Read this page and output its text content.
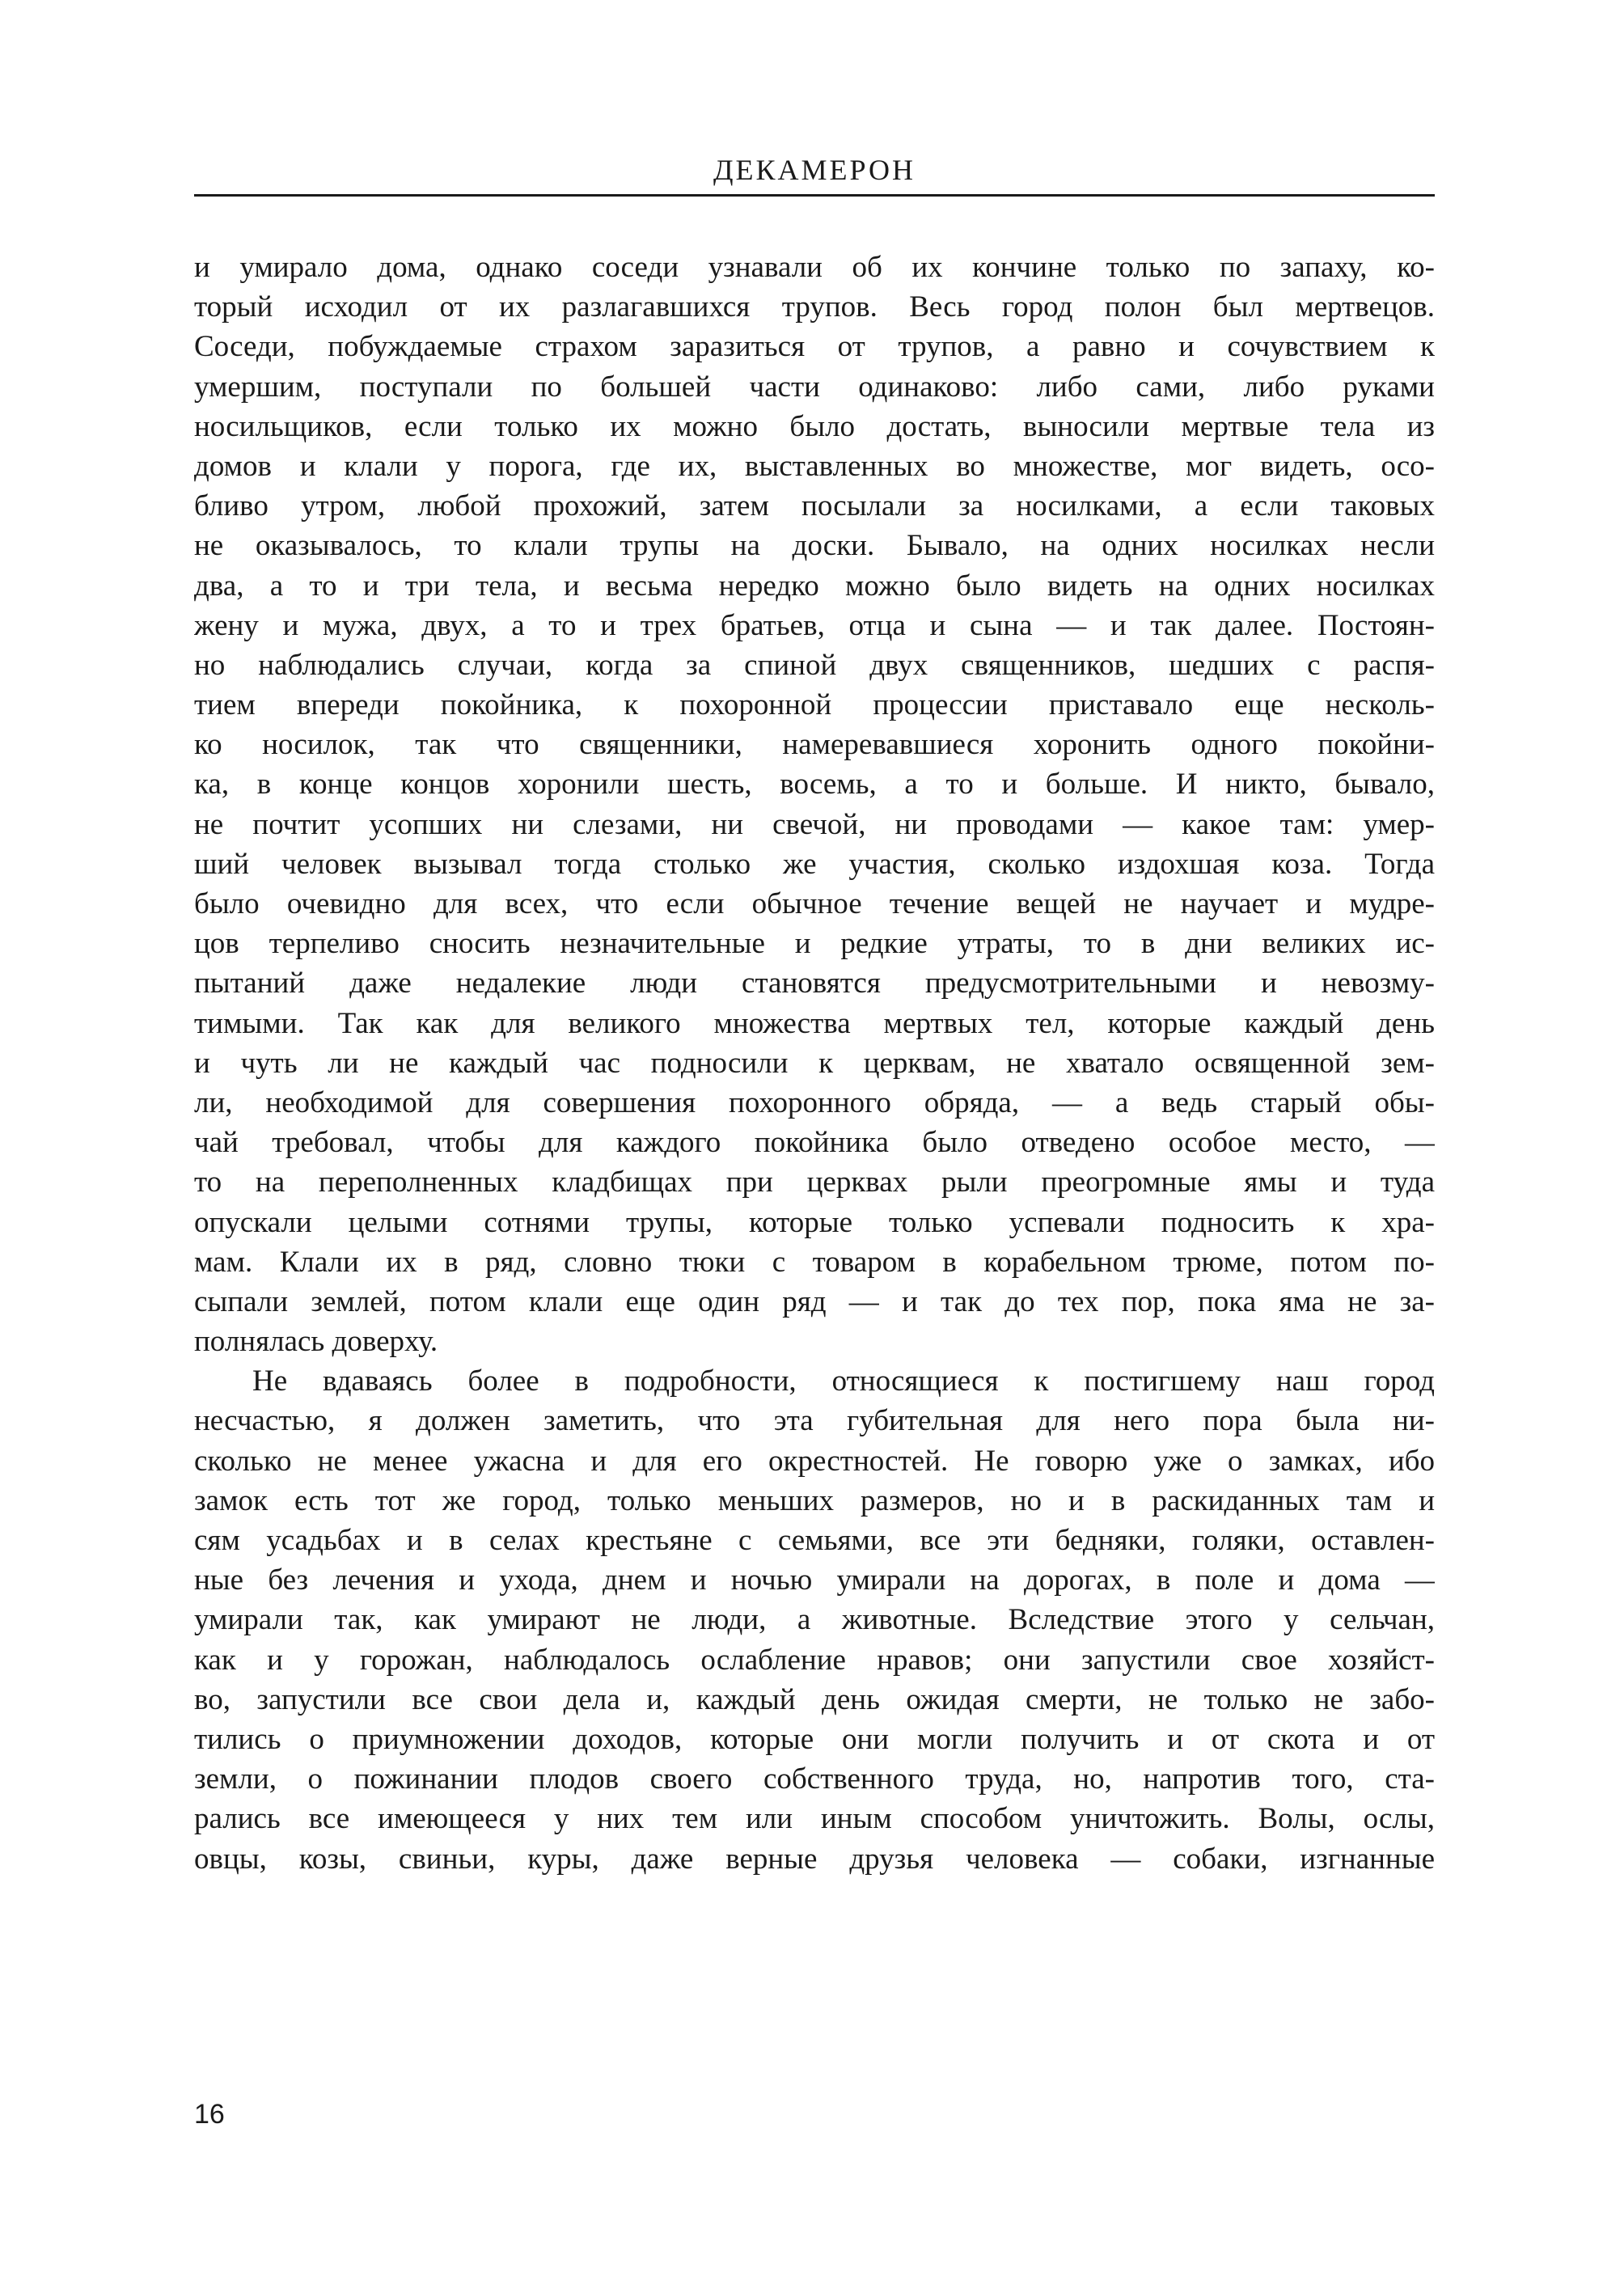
ДЕКАМЕРОН
и умирало дома, однако соседи узнавали об их кончине только по запаху, ко-
торый исходил от их разлагавшихся трупов. Весь город полон был мертвецов.
Соседи, побуждаемые страхом заразиться от трупов, а равно и сочувствием к
умершим, поступали по большей части одинаково: либо сами, либо руками
носильщиков, если только их можно было достать, выносили мертвые тела из
домов и клали у порога, где их, выставленных во множестве, мог видеть, осо-
бливо утром, любой прохожий, затем посылали за носилками, а если таковых
не оказывалось, то клали трупы на доски. Бывало, на одних носилках несли
два, а то и три тела, и весьма нередко можно было видеть на одних носилках
жену и мужа, двух, а то и трех братьев, отца и сына — и так далее. Постоян-
но наблюдались случаи, когда за спиной двух священников, шедших с распя-
тием впереди покойника, к похоронной процессии приставало еще несколь-
ко носилок, так что священники, намеревавшиеся хоронить одного покойни-
ка, в конце концов хоронили шесть, восемь, а то и больше. И никто, бывало,
не почтит усопших ни слезами, ни свечой, ни проводами — какое там: умер-
ший человек вызывал тогда столько же участия, сколько издохшая коза. Тогда
было очевидно для всех, что если обычное течение вещей не научает и мудре-
цов терпеливо сносить незначительные и редкие утраты, то в дни великих ис-
пытаний даже недалекие люди становятся предусмотрительными и невозму-
тимыми. Так как для великого множества мертвых тел, которые каждый день
и чуть ли не каждый час подносили к церквам, не хватало освященной зем-
ли, необходимой для совершения похоронного обряда, — а ведь старый обы-
чай требовал, чтобы для каждого покойника было отведено особое место, —
то на переполненных кладбищах при церквах рыли преогромные ямы и туда
опускали целыми сотнями трупы, которые только успевали подносить к хра-
мам. Клали их в ряд, словно тюки с товаром в корабельном трюме, потом по-
сыпали землей, потом клали еще один ряд — и так до тех пор, пока яма не за-
полнялась доверху.
Не вдаваясь более в подробности, относящиеся к постигшему наш город
несчастью, я должен заметить, что эта губительная для него пора была ни-
сколько не менее ужасна и для его окрестностей. Не говорю уже о замках, ибо
замок есть тот же город, только меньших размеров, но и в раскиданных там и
сям усадьбах и в селах крестьяне с семьями, все эти бедняки, голяки, оставлен-
ные без лечения и ухода, днем и ночью умирали на дорогах, в поле и дома —
умирали так, как умирают не люди, а животные. Вследствие этого у сельчан,
как и у горожан, наблюдалось ослабление нравов; они запустили свое хозяйст-
во, запустили все свои дела и, каждый день ожидая смерти, не только не забо-
тились о приумножении доходов, которые они могли получить и от скота и от
земли, о пожинании плодов своего собственного труда, но, напротив того, ста-
рались все имеющееся у них тем или иным способом уничтожить. Волы, ослы,
овцы, козы, свиньи, куры, даже верные друзья человека — собаки, изгнанные
16
